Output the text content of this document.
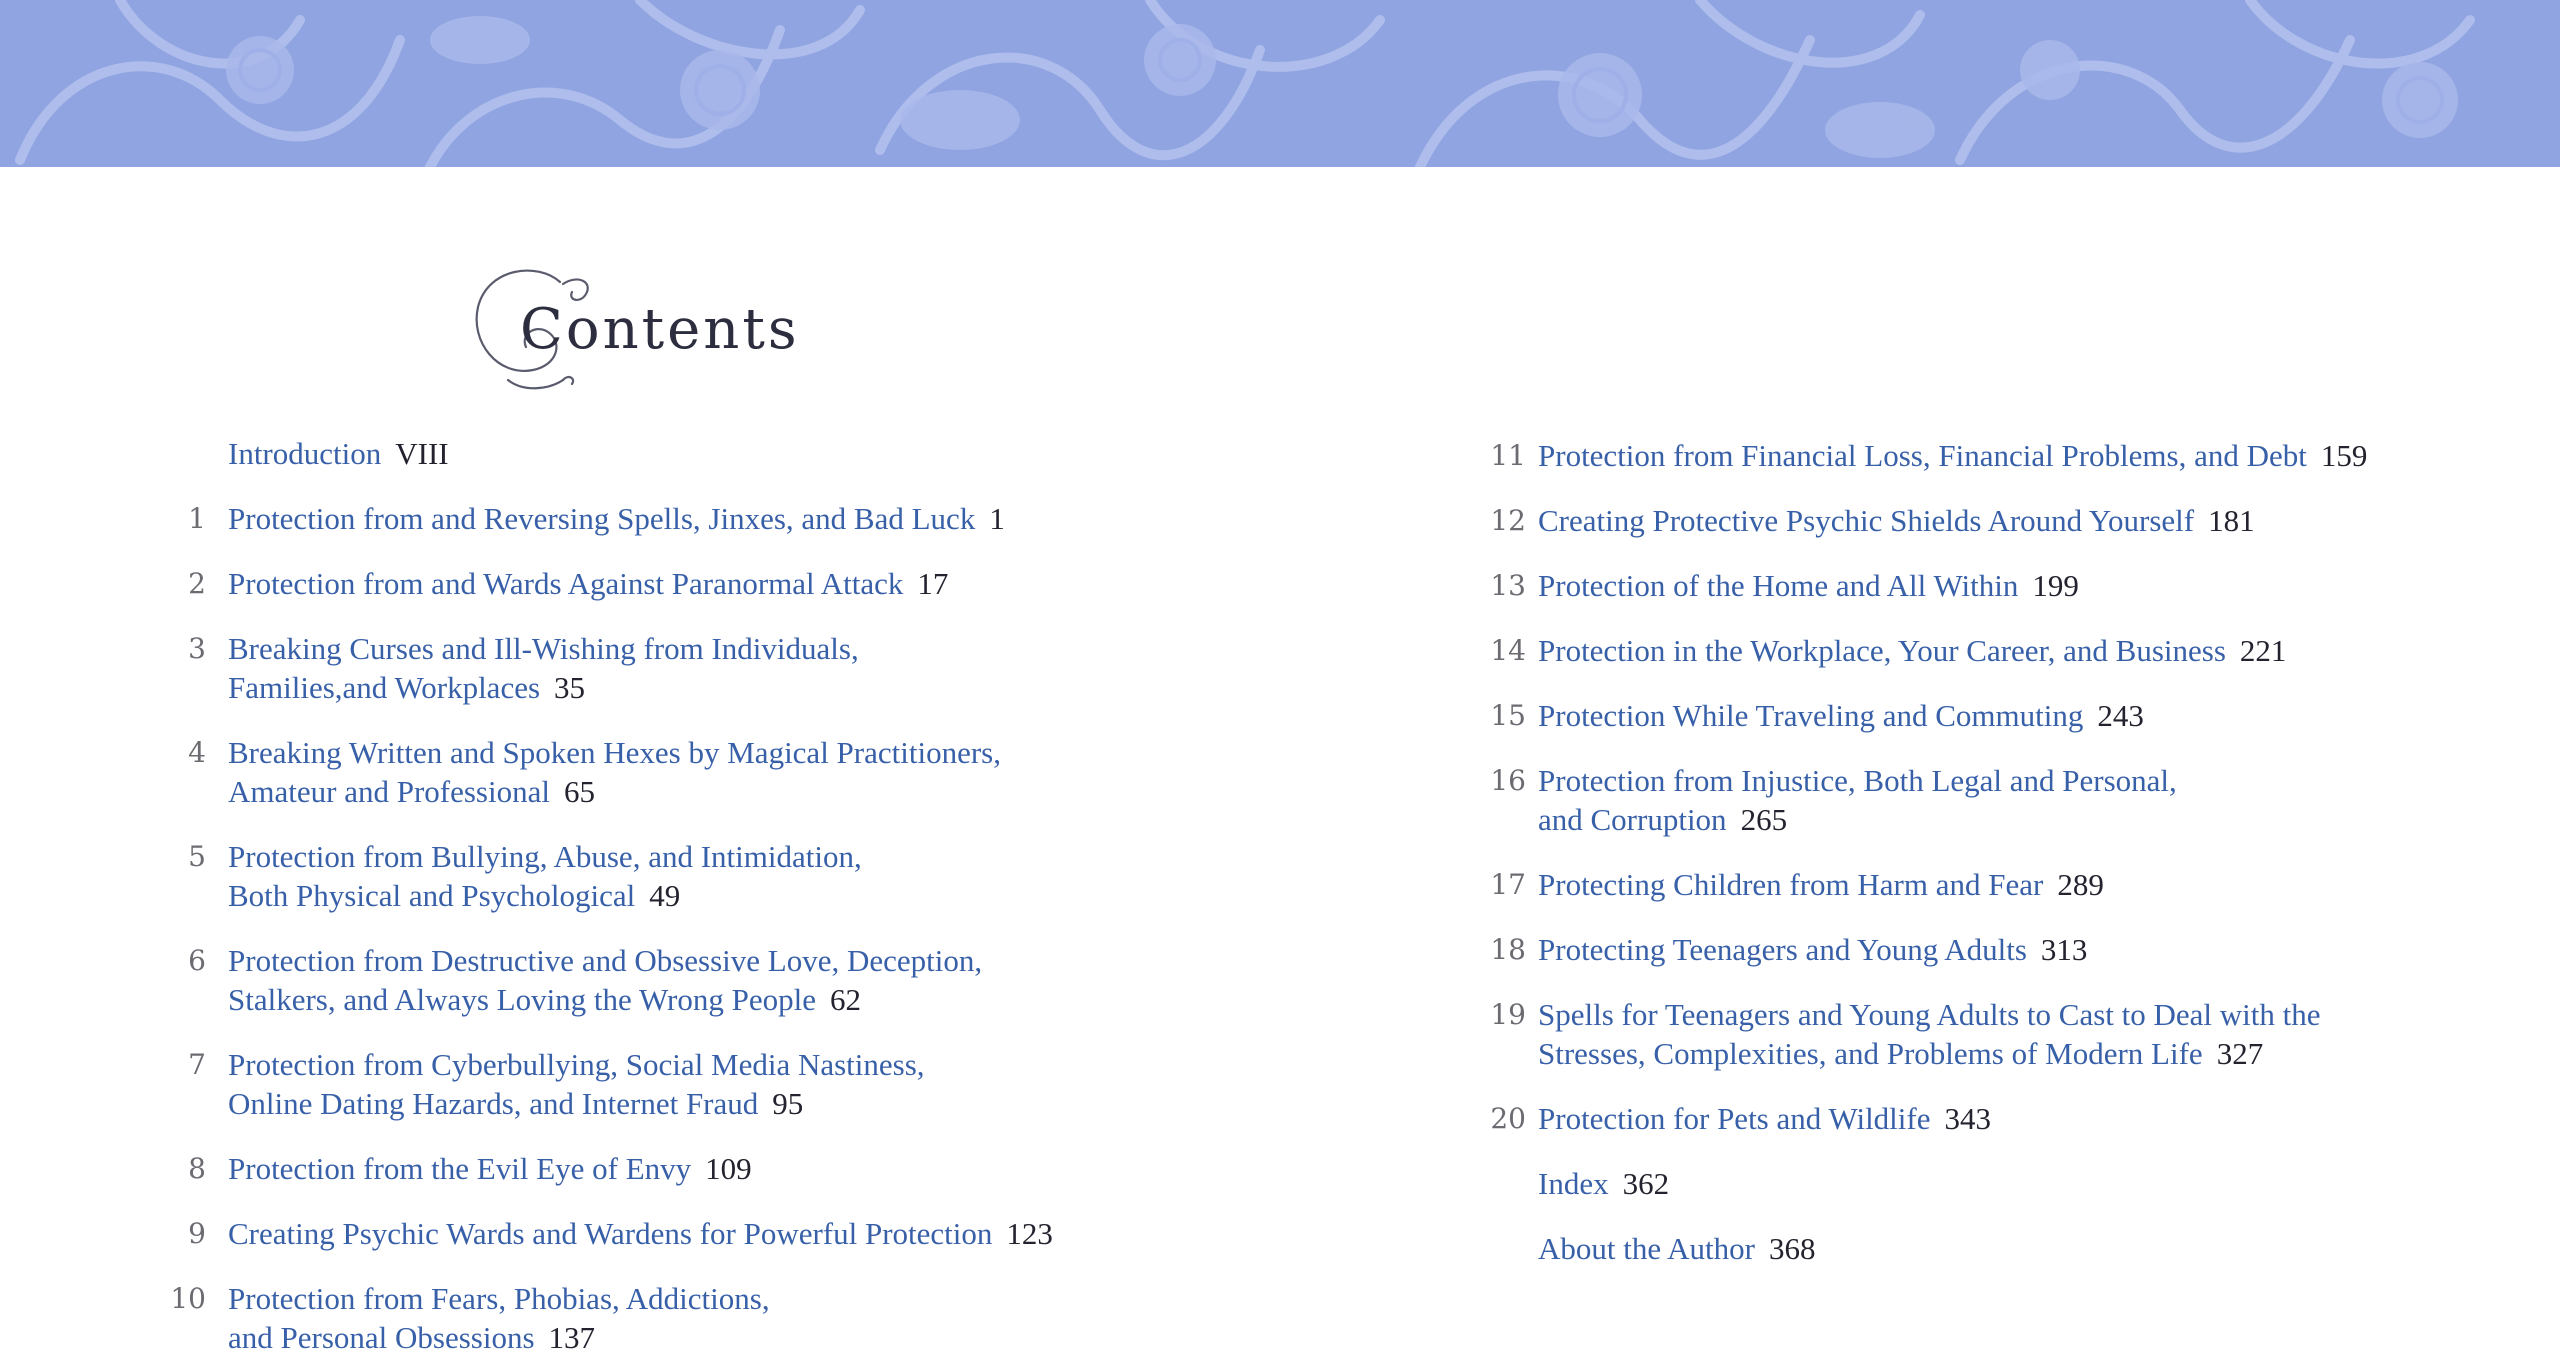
Contents
Introduction VIII
1 Protection from and Reversing Spells, Jinxes, and Bad Luck 1
2 Protection from and Wards Against Paranormal Attack 17
3 Breaking Curses and Ill-Wishing from Individuals,
Families,and Workplaces 35
4 Breaking Written and Spoken Hexes by Magical Practitioners,
Amateur and Professional 65
5 Protection from Bullying, Abuse, and Intimidation,
Both Physical and Psychological 49
6 Protection from Destructive and Obsessive Love, Deception,
Stalkers, and Always Loving the Wrong People 62
7 Protection from Cyberbullying, Social Media Nastiness,
Online Dating Hazards, and Internet Fraud 95
8 Protection from the Evil Eye of Envy 109
9 Creating Psychic Wards and Wardens for Powerful Protection 123
10 Protection from Fears, Phobias, Addictions,
and Personal Obsessions 137
11 Protection from Financial Loss, Financial Problems, and Debt 159
12 Creating Protective Psychic Shields Around Yourself 181
13 Protection of the Home and All Within 199
14 Protection in the Workplace, Your Career, and Business 221
15 Protection While Traveling and Commuting 243
16 Protection from Injustice, Both Legal and Personal,
and Corruption 265
17 Protecting Children from Harm and Fear 289
18 Protecting Teenagers and Young Adults 313
19 Spells for Teenagers and Young Adults to Cast to Deal with the
Stresses, Complexities, and Problems of Modern Life 327
20 Protection for Pets and Wildlife 343
Index 362
About the Author 368
